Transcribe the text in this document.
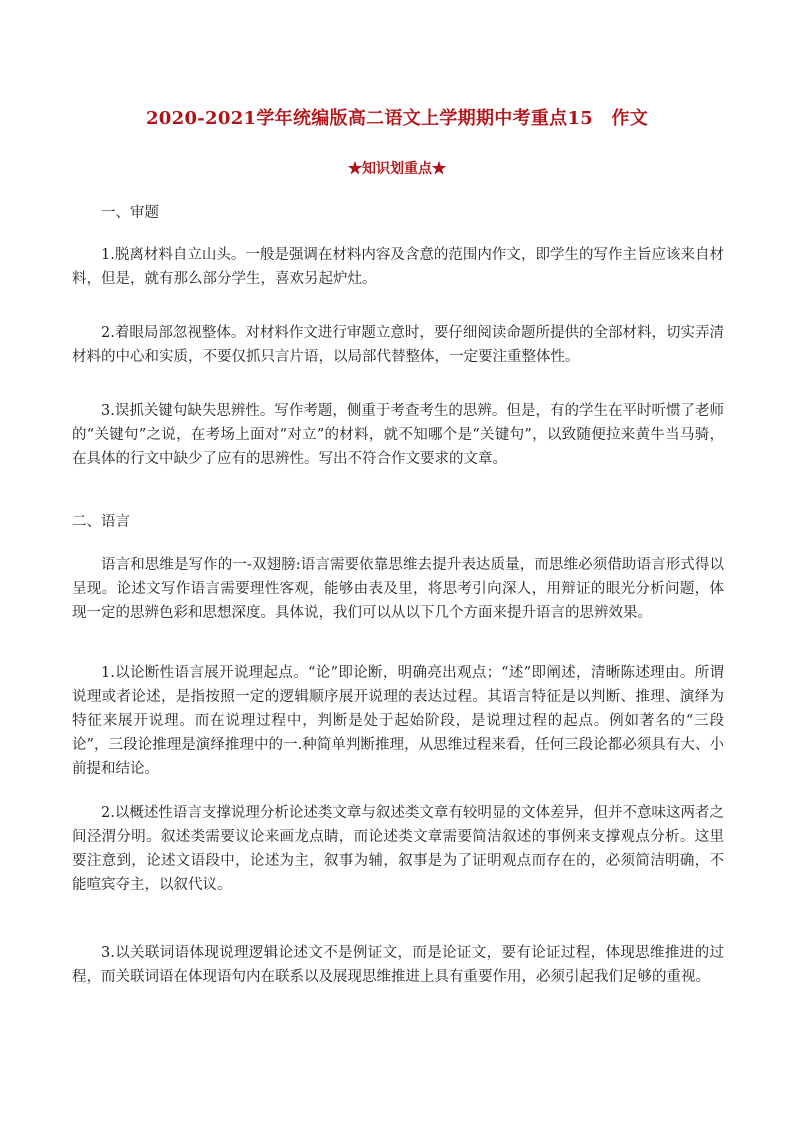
2020-2021学年统编版高二语文上学期期中考重点15　作文
★知识划重点★

一、审题

1.脱离材料自立山头。一般是强调在材料内容及含意的范围内作文，即学生的写作主旨应该来自材料，但是，就有那么部分学生，喜欢另起炉灶。

2.着眼局部忽视整体。对材料作文进行审题立意时，要仔细阅读命题所提供的全部材料，切实弄清材料的中心和实质，不要仅抓只言片语，以局部代替整体，一定要注重整体性。

3.误抓关键句缺失思辨性。写作考题，侧重于考查考生的思辨。但是，有的学生在平时听惯了老师的“关键句”之说，在考场上面对“对立”的材料，就不知哪个是“关键句”，以致随便拉来黄牛当马骑，在具体的行文中缺少了应有的思辨性。写出不符合作文要求的文章。

二、语言

语言和思维是写作的一-双翅膀:语言需要依靠思维去提升表达质量，而思维必须借助语言形式得以呈现。论述文写作语言需要理性客观，能够由表及里，将思考引向深人，用辩证的眼光分析问题，体现一定的思辨色彩和思想深度。具体说，我们可以从以下几个方面来提升语言的思辨效果。

1.以论断性语言展开说理起点。“论”即论断，明确亮出观点；“述”即阐述，清晰陈述理由。所谓说理或者论述，是指按照一定的逻辑顺序展开说理的表达过程。其语言特征是以判断、推理、演绎为特征来展开说理。而在说理过程中，判断是处于起始阶段，是说理过程的起点。例如著名的“三段论”，三段论推理是演绎推理中的一.种简单判断推理，从思维过程来看，任何三段论都必须具有大、小前提和结论。

2.以概述性语言支撑说理分析论述类文章与叙述类文章有较明显的文体差异，但并不意味这两者之间泾渭分明。叙述类需要议论来画龙点睛，而论述类文章需要简洁叙述的事例来支撑观点分析。这里要注意到，论述文语段中，论述为主，叙事为辅，叙事是为了证明观点而存在的，必须简洁明确，不能喧宾夺主，以叙代议。

3.以关联词语体现说理逻辑论述文不是例证文，而是论证文，要有论证过程，体现思维推进的过程，而关联词语在体现语句内在联系以及展现思维推进上具有重要作用，必须引起我们足够的重视。
